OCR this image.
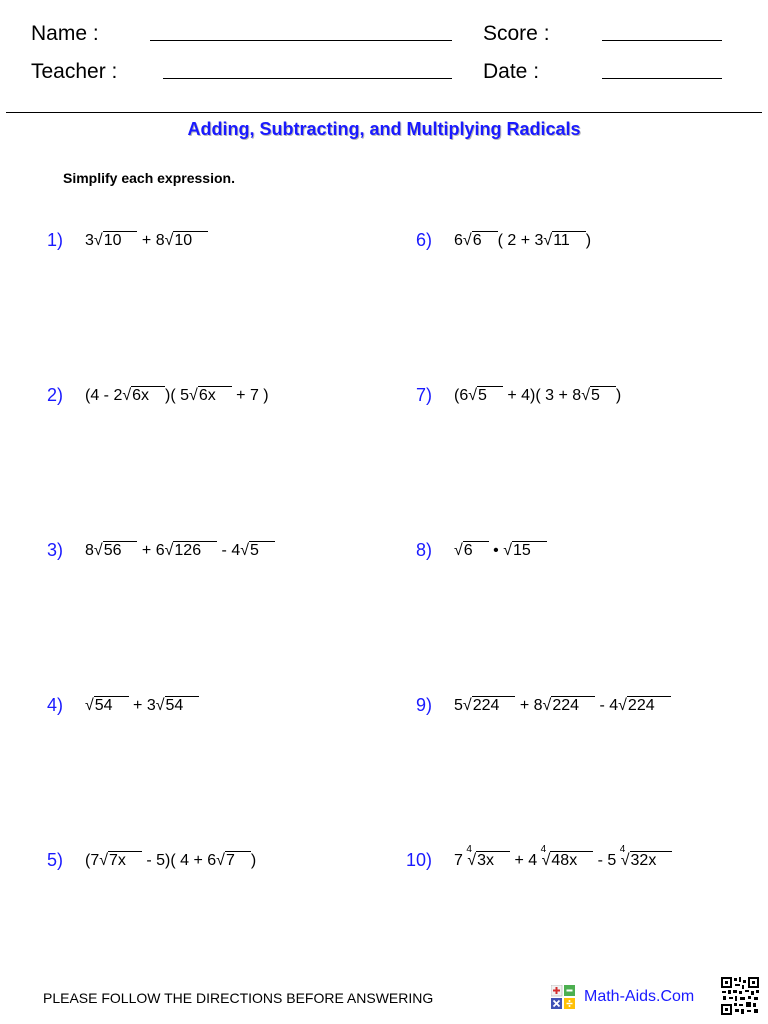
Name :	Score :
Teacher :	Date :
Adding, Subtracting, and Multiplying Radicals
Simplify each expression.
1) 3√10 + 8√10
2) (4 - 2√6x )( 5√6x + 7 )
3) 8√56 + 6√126 - 4√5
4) √54 + 3√54
5) (7√7x - 5)( 4 + 6√7 )
6) 6√6 ( 2 + 3√11 )
7) (6√5 + 4)( 3 + 8√5 )
8) √6 • √15
9) 5√224 + 8√224 - 4√224
10) 7
4
√3x + 4
4
√48x - 5
4
√32x
PLEASE FOLLOW THE DIRECTIONS BEFORE ANSWERING	Math-Aids.Com
